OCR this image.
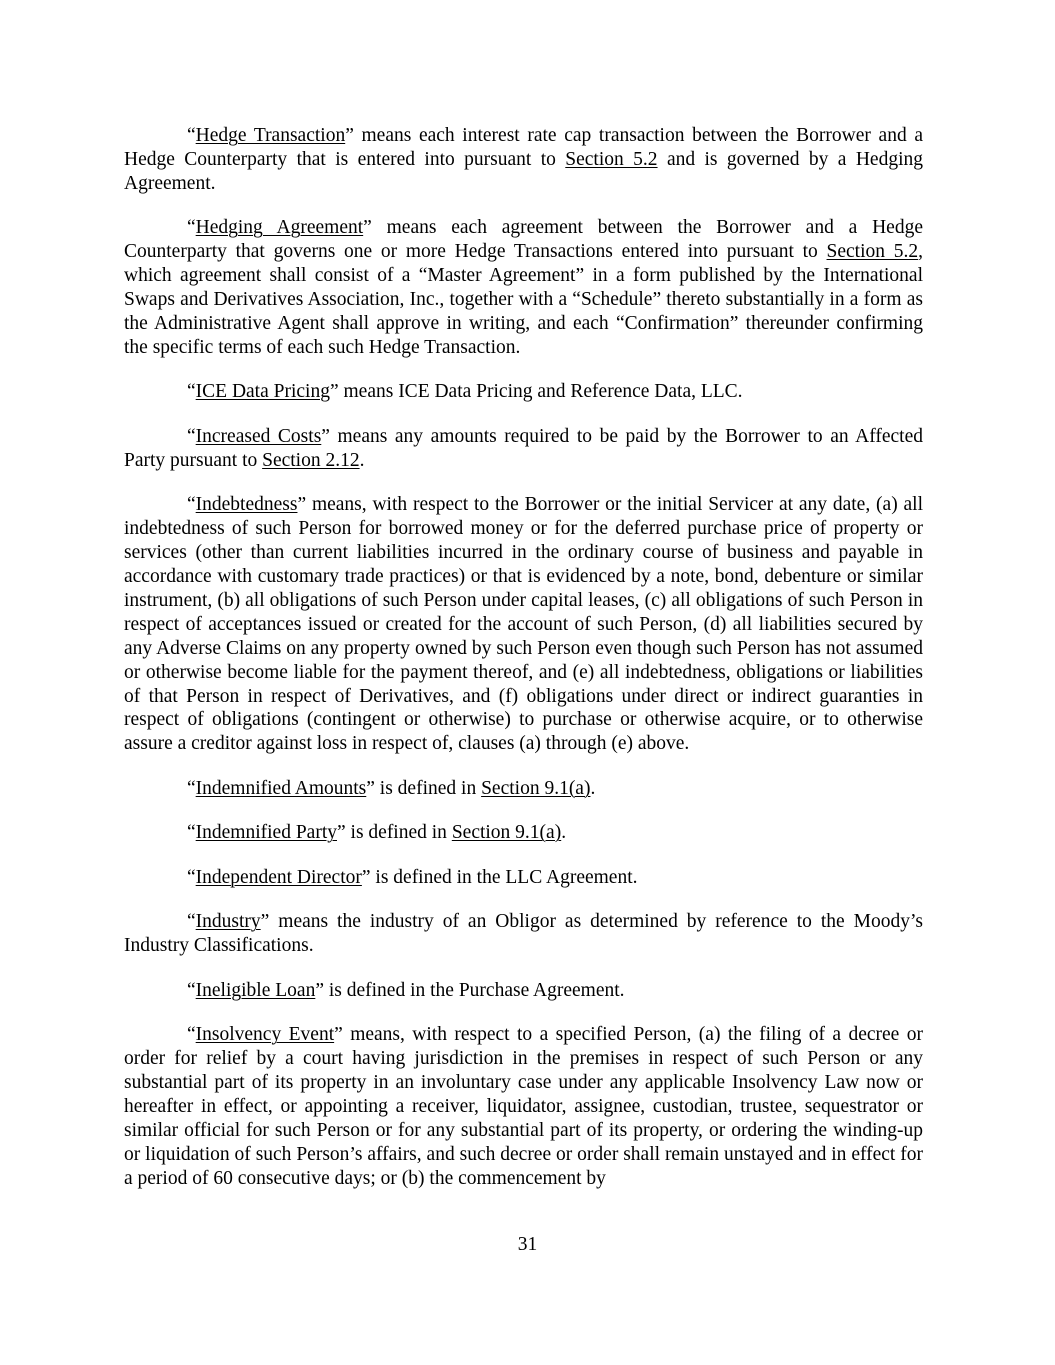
“Hedge Transaction” means each interest rate cap transaction between the Borrower and a Hedge Counterparty that is entered into pursuant to Section 5.2 and is governed by a Hedging Agreement.

“Hedging Agreement” means each agreement between the Borrower and a Hedge Counterparty that governs one or more Hedge Transactions entered into pursuant to Section 5.2, which agreement shall consist of a “Master Agreement” in a form published by the International Swaps and Derivatives Association, Inc., together with a “Schedule” thereto substantially in a form as the Administrative Agent shall approve in writing, and each “Confirmation” thereunder confirming the specific terms of each such Hedge Transaction.

“ICE Data Pricing” means ICE Data Pricing and Reference Data, LLC.

“Increased Costs” means any amounts required to be paid by the Borrower to an Affected Party pursuant to Section 2.12.

“Indebtedness” means, with respect to the Borrower or the initial Servicer at any date, (a) all indebtedness of such Person for borrowed money or for the deferred purchase price of property or services (other than current liabilities incurred in the ordinary course of business and payable in accordance with customary trade practices) or that is evidenced by a note, bond, debenture or similar instrument, (b) all obligations of such Person under capital leases, (c) all obligations of such Person in respect of acceptances issued or created for the account of such Person, (d) all liabilities secured by any Adverse Claims on any property owned by such Person even though such Person has not assumed or otherwise become liable for the payment thereof, and (e) all indebtedness, obligations or liabilities of that Person in respect of Derivatives, and (f) obligations under direct or indirect guaranties in respect of obligations (contingent or otherwise) to purchase or otherwise acquire, or to otherwise assure a creditor against loss in respect of, clauses (a) through (e) above.

“Indemnified Amounts” is defined in Section 9.1(a).

“Indemnified Party” is defined in Section 9.1(a).

“Independent Director” is defined in the LLC Agreement.

“Industry” means the industry of an Obligor as determined by reference to the Moody’s Industry Classifications.

“Ineligible Loan” is defined in the Purchase Agreement.

“Insolvency Event” means, with respect to a specified Person, (a) the filing of a decree or order for relief by a court having jurisdiction in the premises in respect of such Person or any substantial part of its property in an involuntary case under any applicable Insolvency Law now or hereafter in effect, or appointing a receiver, liquidator, assignee, custodian, trustee, sequestrator or similar official for such Person or for any substantial part of its property, or ordering the winding-up or liquidation of such Person’s affairs, and such decree or order shall remain unstayed and in effect for a period of 60 consecutive days; or (b) the commencement by

31
